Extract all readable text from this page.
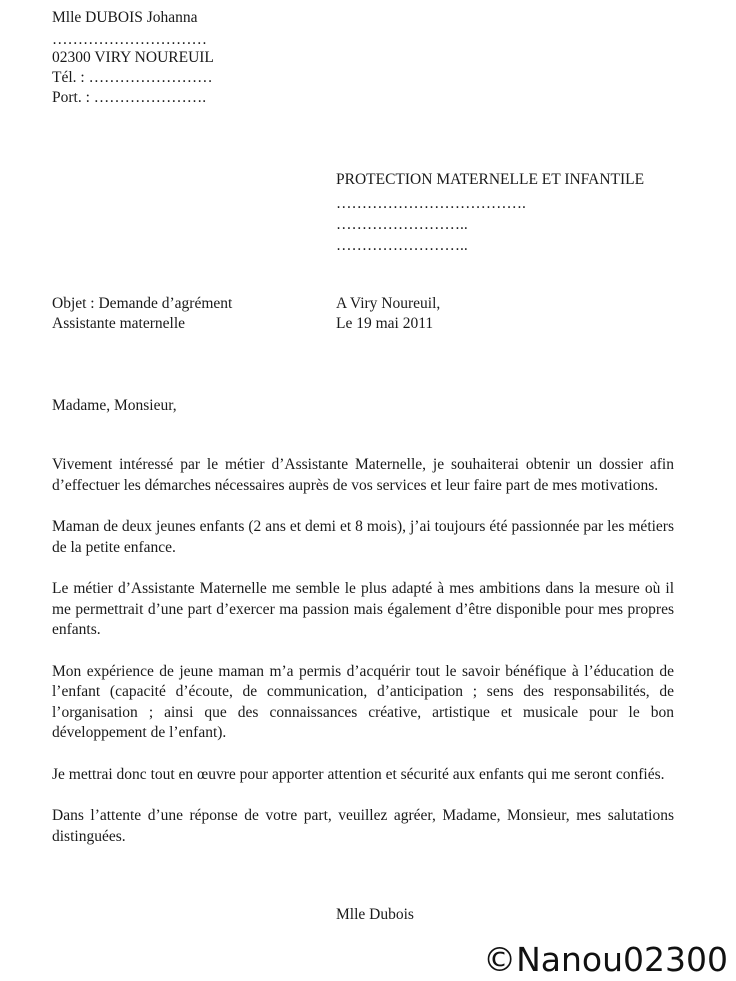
Mlle DUBOIS Johanna
…………………………
02300 VIRY NOUREUIL
Tél. : ……………………
Port. : ………………….
PROTECTION MATERNELLE ET INFANTILE
……………………………….
……………………..
……………………..
Objet : Demande d’agrément
Assistante maternelle
A Viry Noureuil,
Le 19 mai 2011
Madame, Monsieur,

Vivement intéressé par le métier d’Assistante Maternelle, je souhaiterai obtenir un dossier afin d’effectuer les démarches nécessaires auprès de vos services et leur faire part de mes motivations.

Maman de deux jeunes enfants (2 ans et demi et 8 mois), j’ai toujours été passionnée par les métiers de la petite enfance.

Le métier d’Assistante Maternelle me semble le plus adapté à mes ambitions dans la mesure où il me permettrait d’une part d’exercer ma passion mais également d’être disponible pour mes propres enfants.

Mon expérience de jeune maman m’a permis d’acquérir tout le savoir bénéfique à l’éducation de l’enfant (capacité d’écoute, de communication, d’anticipation ; sens des responsabilités, de l’organisation ; ainsi que des connaissances créative, artistique et musicale pour le bon développement de l’enfant).

Je mettrai donc tout en œuvre pour apporter attention et sécurité aux enfants qui me seront confiés.

Dans l’attente d’une réponse de votre part, veuillez agréer, Madame, Monsieur, mes salutations distinguées.

Mlle Dubois
©Nanou02300
